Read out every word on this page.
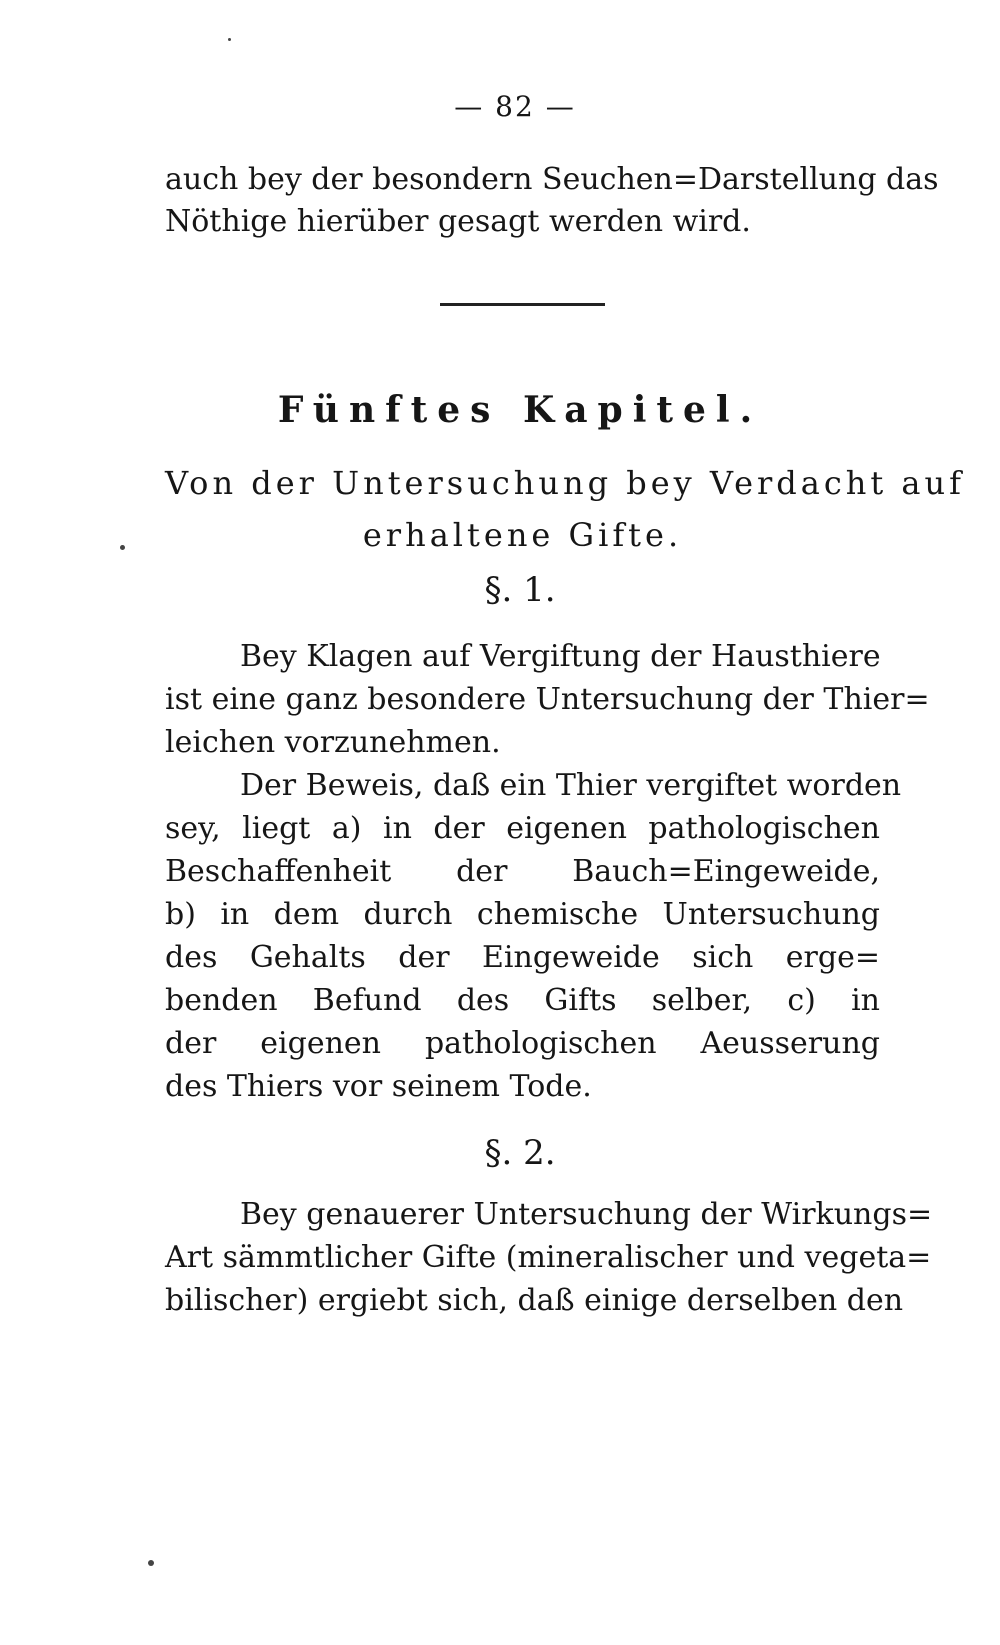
— 82 —
auch bey der besondern Seuchen=Darstellung das
Nöthige hierüber gesagt werden wird.
Fünftes Kapitel.
Von der Untersuchung bey Verdacht auf
erhaltene Gifte.
§. 1.
Bey Klagen auf Vergiftung der Hausthiere
ist eine ganz besondere Untersuchung der Thier=
leichen vorzunehmen.
Der Beweis, daß ein Thier vergiftet worden
sey, liegt a) in der eigenen pathologischen
Beschaffenheit der Bauch=Eingeweide,
b) in dem durch chemische Untersuchung
des Gehalts der Eingeweide sich erge=
benden Befund des Gifts selber, c) in
der eigenen pathologischen Aeusserung
des Thiers vor seinem Tode.
§. 2.
Bey genauerer Untersuchung der Wirkungs=
Art sämmtlicher Gifte (mineralischer und vegeta=
bilischer) ergiebt sich, daß einige derselben den
